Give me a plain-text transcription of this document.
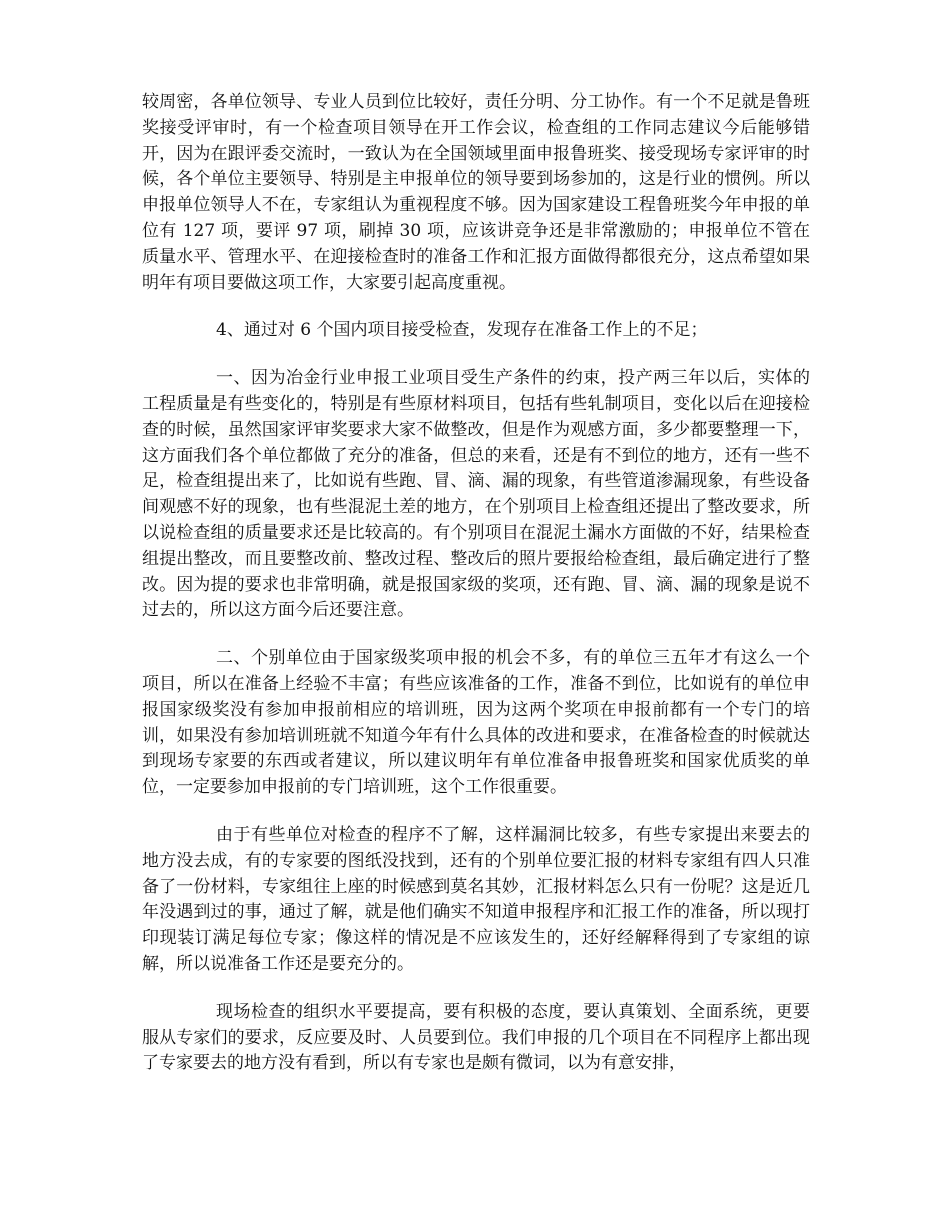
较周密，各单位领导、专业人员到位比较好，责任分明、分工协作。有一个不足就是鲁班奖接受评审时，有一个检查项目领导在开工作会议，检查组的工作同志建议今后能够错开，因为在跟评委交流时，一致认为在全国领域里面申报鲁班奖、接受现场专家评审的时候，各个单位主要领导、特别是主申报单位的领导要到场参加的，这是行业的惯例。所以申报单位领导人不在，专家组认为重视程度不够。因为国家建设工程鲁班奖今年申报的单位有 127 项，要评 97 项，刷掉 30 项，应该讲竞争还是非常激励的；申报单位不管在质量水平、管理水平、在迎接检查时的准备工作和汇报方面做得都很充分，这点希望如果明年有项目要做这项工作，大家要引起高度重视。

4、通过对 6 个国内项目接受检查，发现存在准备工作上的不足；

一、因为冶金行业申报工业项目受生产条件的约束，投产两三年以后，实体的工程质量是有些变化的，特别是有些原材料项目，包括有些轧制项目，变化以后在迎接检查的时候，虽然国家评审奖要求大家不做整改，但是作为观感方面，多少都要整理一下，这方面我们各个单位都做了充分的准备，但总的来看，还是有不到位的地方，还有一些不足，检查组提出来了，比如说有些跑、冒、滴、漏的现象，有些管道渗漏现象，有些设备间观感不好的现象，也有些混泥土差的地方，在个别项目上检查组还提出了整改要求，所以说检查组的质量要求还是比较高的。有个别项目在混泥土漏水方面做的不好，结果检查组提出整改，而且要整改前、整改过程、整改后的照片要报给检查组，最后确定进行了整改。因为提的要求也非常明确，就是报国家级的奖项，还有跑、冒、滴、漏的现象是说不过去的，所以这方面今后还要注意。

二、个别单位由于国家级奖项申报的机会不多，有的单位三五年才有这么一个项目，所以在准备上经验不丰富；有些应该准备的工作，准备不到位，比如说有的单位申报国家级奖没有参加申报前相应的培训班，因为这两个奖项在申报前都有一个专门的培训，如果没有参加培训班就不知道今年有什么具体的改进和要求，在准备检查的时候就达到现场专家要的东西或者建议，所以建议明年有单位准备申报鲁班奖和国家优质奖的单位，一定要参加申报前的专门培训班，这个工作很重要。

由于有些单位对检查的程序不了解，这样漏洞比较多，有些专家提出来要去的地方没去成，有的专家要的图纸没找到，还有的个别单位要汇报的材料专家组有四人只准备了一份材料，专家组往上座的时候感到莫名其妙，汇报材料怎么只有一份呢？这是近几年没遇到过的事，通过了解，就是他们确实不知道申报程序和汇报工作的准备，所以现打印现装订满足每位专家；像这样的情况是不应该发生的，还好经解释得到了专家组的谅解，所以说准备工作还是要充分的。

现场检查的组织水平要提高，要有积极的态度，要认真策划、全面系统，更要服从专家们的要求，反应要及时、人员要到位。我们申报的几个项目在不同程序上都出现了专家要去的地方没有看到，所以有专家也是颇有微词，以为有意安排，
